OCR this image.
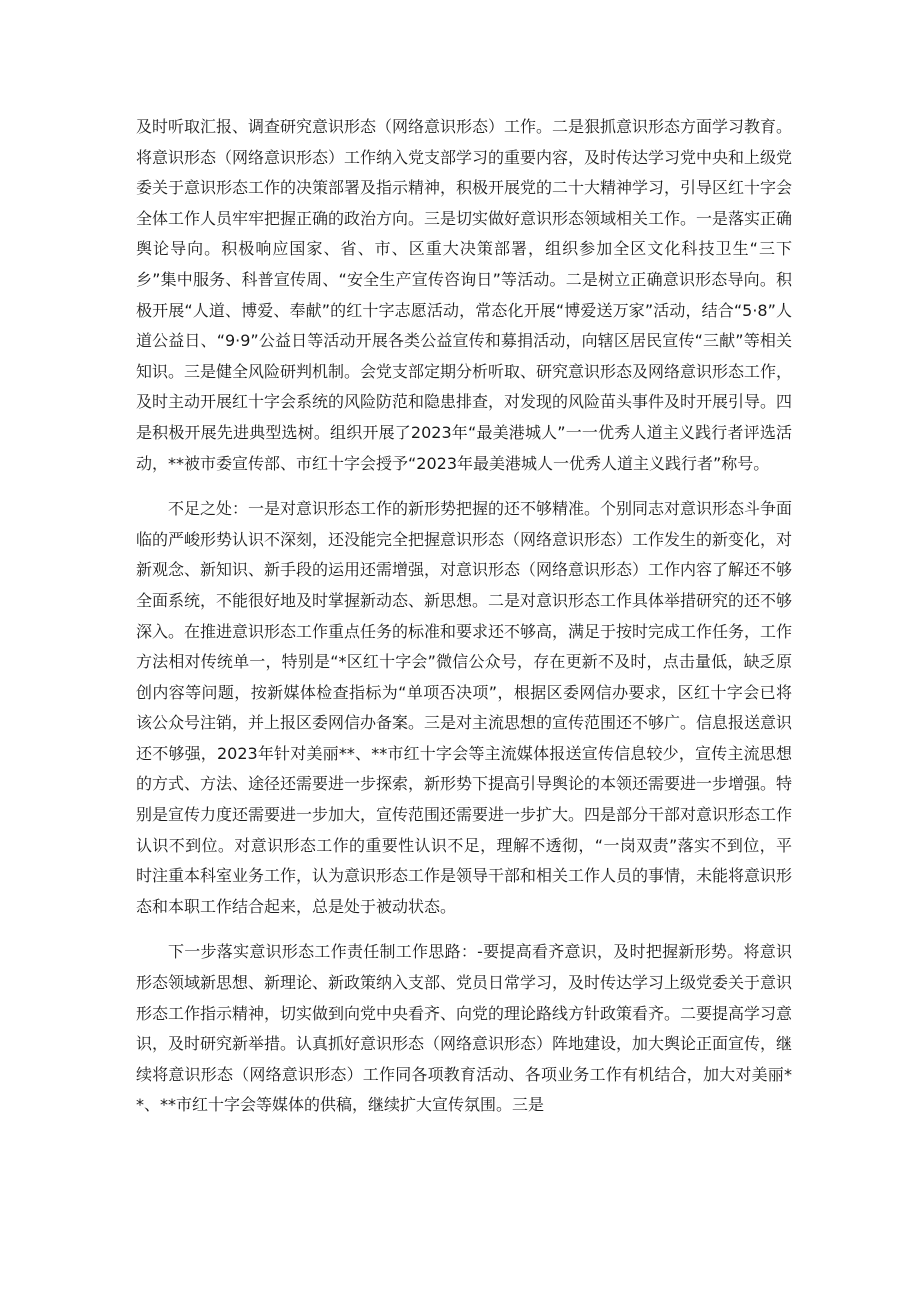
及时听取汇报、调查研究意识形态（网络意识形态）工作。二是狠抓意识形态方面学习教育。将意识形态（网络意识形态）工作纳入党支部学习的重要内容，及时传达学习党中央和上级党委关于意识形态工作的决策部署及指示精神，积极开展党的二十大精神学习，引导区红十字会全体工作人员牢牢把握正确的政治方向。三是切实做好意识形态领域相关工作。一是落实正确舆论导向。积极响应国家、省、市、区重大决策部署，组织参加全区文化科技卫生“三下乡”集中服务、科普宣传周、“安全生产宣传咨询日”等活动。二是树立正确意识形态导向。积极开展“人道、博爱、奉献”的红十字志愿活动，常态化开展“博爱送万家”活动，结合“5·8”人道公益日、“9·9”公益日等活动开展各类公益宣传和募捐活动，向辖区居民宣传“三献”等相关知识。三是健全风险研判机制。会党支部定期分析听取、研究意识形态及网络意识形态工作，及时主动开展红十字会系统的风险防范和隐患排查，对发现的风险苗头事件及时开展引导。四是积极开展先进典型选树。组织开展了2023年“最美港城人”一一优秀人道主义践行者评选活动，**被市委宣传部、市红十字会授予“2023年最美港城人一优秀人道主义践行者”称号。

不足之处：一是对意识形态工作的新形势把握的还不够精准。个别同志对意识形态斗争面临的严峻形势认识不深刻，还没能完全把握意识形态（网络意识形态）工作发生的新变化，对新观念、新知识、新手段的运用还需增强，对意识形态（网络意识形态）工作内容了解还不够全面系统，不能很好地及时掌握新动态、新思想。二是对意识形态工作具体举措研究的还不够深入。在推进意识形态工作重点任务的标准和要求还不够高，满足于按时完成工作任务，工作方法相对传统单一，特别是“*区红十字会”微信公众号，存在更新不及时，点击量低，缺乏原创内容等问题，按新媒体检查指标为“单项否决项”，根据区委网信办要求，区红十字会已将该公众号注销，并上报区委网信办备案。三是对主流思想的宣传范围还不够广。信息报送意识还不够强，2023年针对美丽**、**市红十字会等主流媒体报送宣传信息较少，宣传主流思想的方式、方法、途径还需要进一步探索，新形势下提高引导舆论的本领还需要进一步增强。特别是宣传力度还需要进一步加大，宣传范围还需要进一步扩大。四是部分干部对意识形态工作认识不到位。对意识形态工作的重要性认识不足，理解不透彻，“一岗双责”落实不到位，平时注重本科室业务工作，认为意识形态工作是领导干部和相关工作人员的事情，未能将意识形态和本职工作结合起来，总是处于被动状态。

下一步落实意识形态工作责任制工作思路：-要提高看齐意识，及时把握新形势。将意识形态领域新思想、新理论、新政策纳入支部、党员日常学习，及时传达学习上级党委关于意识形态工作指示精神，切实做到向党中央看齐、向党的理论路线方针政策看齐。二要提高学习意识，及时研究新举措。认真抓好意识形态（网络意识形态）阵地建设，加大舆论正面宣传，继续将意识形态（网络意识形态）工作同各项教育活动、各项业务工作有机结合，加大对美丽**、**市红十字会等媒体的供稿，继续扩大宣传氛围。三是
